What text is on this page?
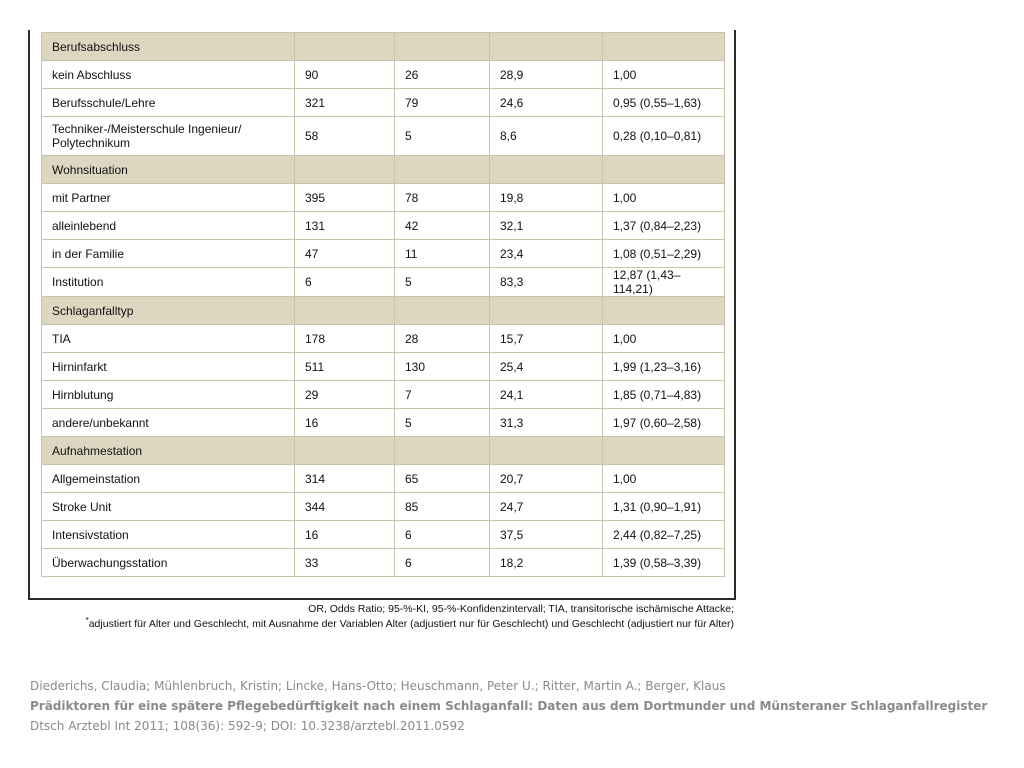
Berufsabschluss				
kein Abschluss	90	26	28,9	1,00
Berufsschule/Lehre	321	79	24,6	0,95 (0,55–1,63)
Techniker-/Meisterschule Ingenieur/
Polytechnikum	58	5	8,6	0,28 (0,10–0,81)
Wohnsituation				
mit Partner	395	78	19,8	1,00
alleinlebend	131	42	32,1	1,37 (0,84–2,23)
in der Familie	47	11	23,4	1,08 (0,51–2,29)
Institution	6	5	83,3	12,87 (1,43–114,21)
Schlaganfalltyp				
TIA	178	28	15,7	1,00
Hirninfarkt	511	130	25,4	1,99 (1,23–3,16)
Hirnblutung	29	7	24,1	1,85 (0,71–4,83)
andere/unbekannt	16	5	31,3	1,97 (0,60–2,58)
Aufnahmestation				
Allgemeinstation	314	65	20,7	1,00
Stroke Unit	344	85	24,7	1,31 (0,90–1,91)
Intensivstation	16	6	37,5	2,44 (0,82–7,25)
Überwachungsstation	33	6	18,2	1,39 (0,58–3,39)
OR, Odds Ratio; 95-%-KI, 95-%-Konfidenzintervall; TIA, transitorische ischämische Attacke;
*adjustiert für Alter und Geschlecht, mit Ausnahme der Variablen Alter (adjustiert nur für Geschlecht) und Geschlecht (adjustiert nur für Alter)
Diederichs, Claudia; Mühlenbruch, Kristin; Lincke, Hans-Otto; Heuschmann, Peter U.; Ritter, Martin A.; Berger, Klaus
Prädiktoren für eine spätere Pflegebedürftigkeit nach einem Schlaganfall: Daten aus dem Dortmunder und Münsteraner Schlaganfallregister
Dtsch Arztebl Int 2011; 108(36): 592-9; DOI: 10.3238/arztebl.2011.0592
